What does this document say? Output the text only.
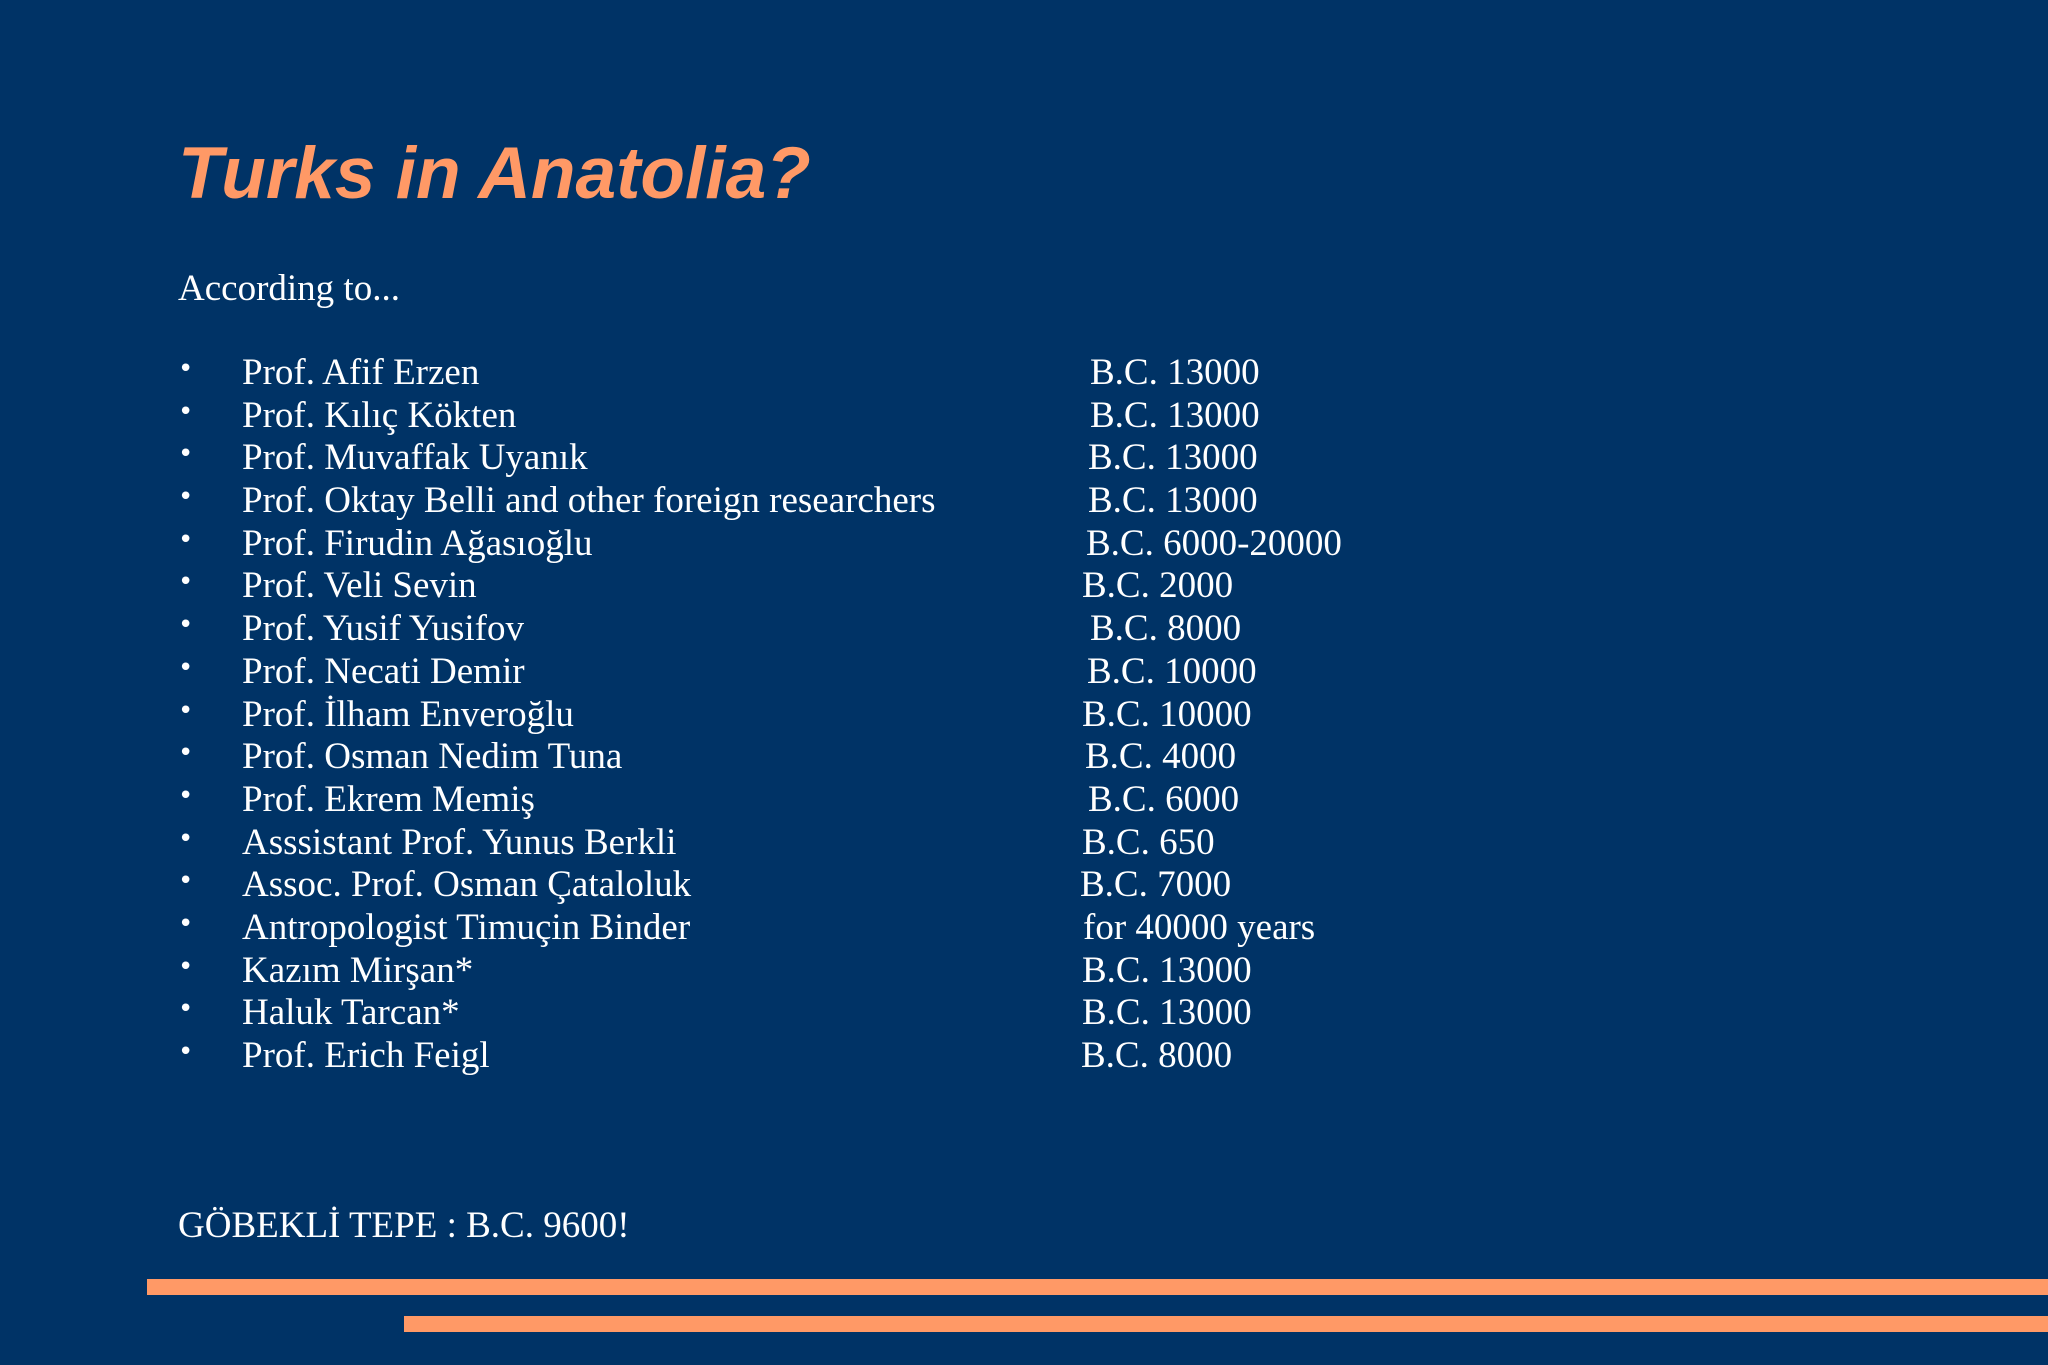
Turks in Anatolia?
According to...
• Prof. Afif Erzen	B.C. 13000
• Prof. Kılıç Kökten	B.C. 13000
• Prof. Muvaffak Uyanık	B.C. 13000
• Prof. Oktay Belli and other foreign researchers	B.C. 13000
• Prof. Firudin Ağasıoğlu	B.C. 6000-20000
• Prof. Veli Sevin	B.C. 2000
• Prof. Yusif Yusifov	B.C. 8000
• Prof. Necati Demir	B.C. 10000
• Prof. İlham Enveroğlu	B.C. 10000
• Prof. Osman Nedim Tuna	B.C. 4000
• Prof. Ekrem Memiş	B.C. 6000
• Asssistant Prof. Yunus Berkli	B.C. 650
• Assoc. Prof. Osman Çataloluk	B.C. 7000
• Antropologist Timuçin Binder	for 40000 years
• Kazım Mirşan*	B.C. 13000
• Haluk Tarcan*	B.C. 13000
• Prof. Erich Feigl	B.C. 8000
GÖBEKLİ TEPE : B.C. 9600!
